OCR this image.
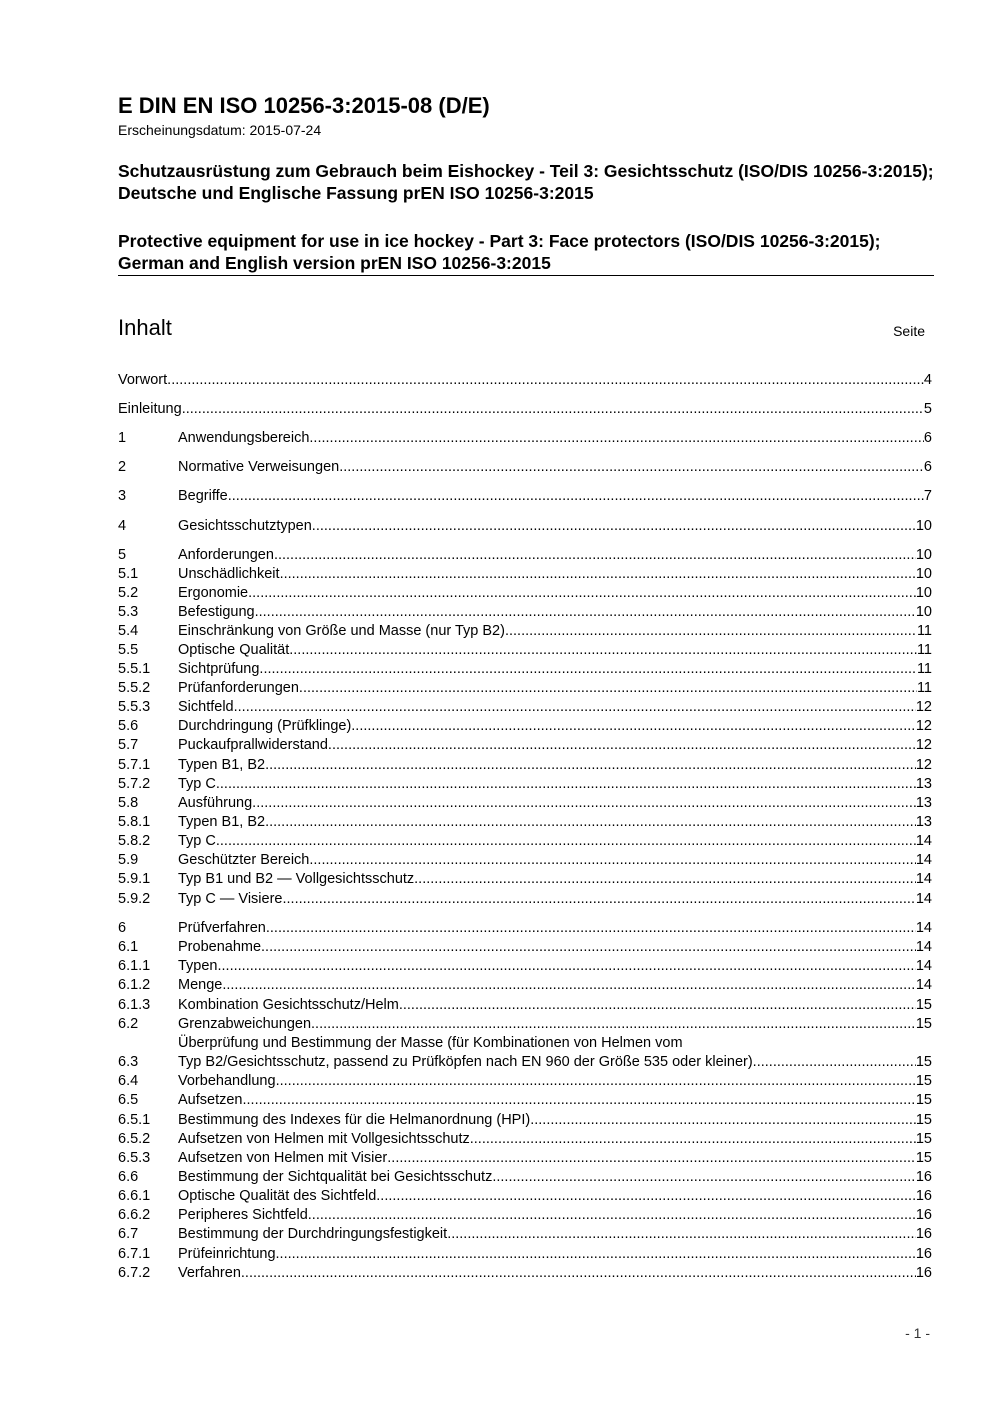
E DIN EN ISO 10256-3:2015-08 (D/E)
Erscheinungsdatum: 2015-07-24
Schutzausrüstung zum Gebrauch beim Eishockey - Teil 3: Gesichtsschutz (ISO/DIS 10256-3:2015); Deutsche und Englische Fassung prEN ISO 10256-3:2015
Protective equipment for use in ice hockey - Part 3: Face protectors (ISO/DIS 10256-3:2015); German and English version prEN ISO 10256-3:2015
Inhalt	Seite
Vorwort .....	4
Einleitung .....	5
1	Anwendungsbereich .....	6
2	Normative Verweisungen .....	6
3	Begriffe .....	7
4	Gesichtsschutztypen .....	10
5	Anforderungen .....	10
5.1	Unschädlichkeit .....	10
5.2	Ergonomie .....	10
5.3	Befestigung .....	10
5.4	Einschränkung von Größe und Masse (nur Typ B2) .....	11
5.5	Optische Qualität .....	11
5.5.1 Sichtprüfung .....	11
5.5.2 Prüfanforderungen .....	11
5.5.3 Sichtfeld .....	12
5.6	Durchdringung (Prüfklinge) .....	12
5.7	Puckaufprallwiderstand .....	12
5.7.1 Typen B1, B2 .....	12
5.7.2 Typ C .....	13
5.8	Ausführung .....	13
5.8.1 Typen B1, B2 .....	13
5.8.2 Typ C .....	14
5.9	Geschützter Bereich .....	14
5.9.1 Typ B1 und B2 — Vollgesichtsschutz .....	14
5.9.2 Typ C — Visiere .....	14
6	Prüfverfahren .....	14
6.1	Probenahme .....	14
6.1.1 Typen .....	14
6.1.2 Menge .....	14
6.1.3 Kombination Gesichtsschutz/Helm .....	15
6.2	Grenzabweichungen .....	15
6.3
Überprüfung und Bestimmung der Masse (für Kombinationen von Helmen vom
Typ B2/Gesichtsschutz, passend zu Prüfköpfen nach EN 960 der Größe 535 oder kleiner) .....	15
6.4	Vorbehandlung .....	15
6.5	Aufsetzen .....	15
6.5.1 Bestimmung des Indexes für die Helmanordnung (HPI) .....	15
6.5.2 Aufsetzen von Helmen mit Vollgesichtsschutz .....	15
6.5.3 Aufsetzen von Helmen mit Visier .....	15
6.6	Bestimmung der Sichtqualität bei Gesichtsschutz .....	16
6.6.1 Optische Qualität des Sichtfeld .....	16
6.6.2 Peripheres Sichtfeld .....	16
6.7	Bestimmung der Durchdringungsfestigkeit .....	16
6.7.1 Prüfeinrichtung .....	16
6.7.2 Verfahren .....	16
- 1 -
